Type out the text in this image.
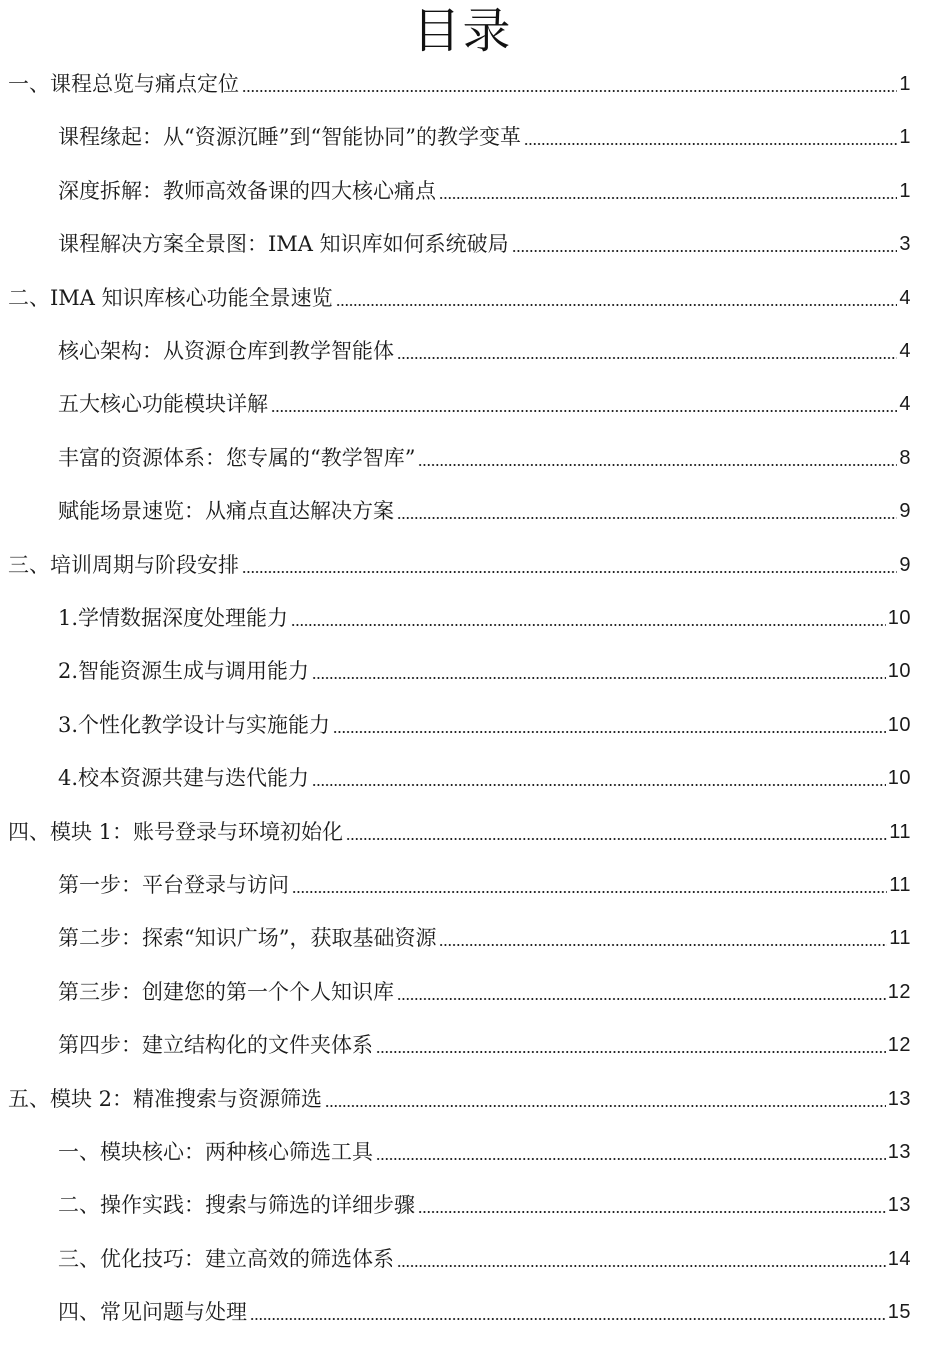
目录
一、课程总览与痛点定位	1
课程缘起：从“资源沉睡”到“智能协同”的教学变革	1
深度拆解：教师高效备课的四大核心痛点	1
课程解决方案全景图：IMA 知识库如何系统破局	3
二、IMA 知识库核心功能全景速览	4
核心架构：从资源仓库到教学智能体	4
五大核心功能模块详解	4
丰富的资源体系：您专属的“教学智库”	8
赋能场景速览：从痛点直达解决方案	9
三、培训周期与阶段安排	9
1.学情数据深度处理能力	10
2.智能资源生成与调用能力	10
3.个性化教学设计与实施能力	10
4.校本资源共建与迭代能力	10
四、模块 1：账号登录与环境初始化	11
第一步：平台登录与访问	11
第二步：探索“知识广场”，获取基础资源	11
第三步：创建您的第一个个人知识库	12
第四步：建立结构化的文件夹体系	12
五、模块 2：精准搜索与资源筛选	13
一、模块核心：两种核心筛选工具	13
二、操作实践：搜索与筛选的详细步骤	13
三、优化技巧：建立高效的筛选体系	14
四、常见问题与处理	15
